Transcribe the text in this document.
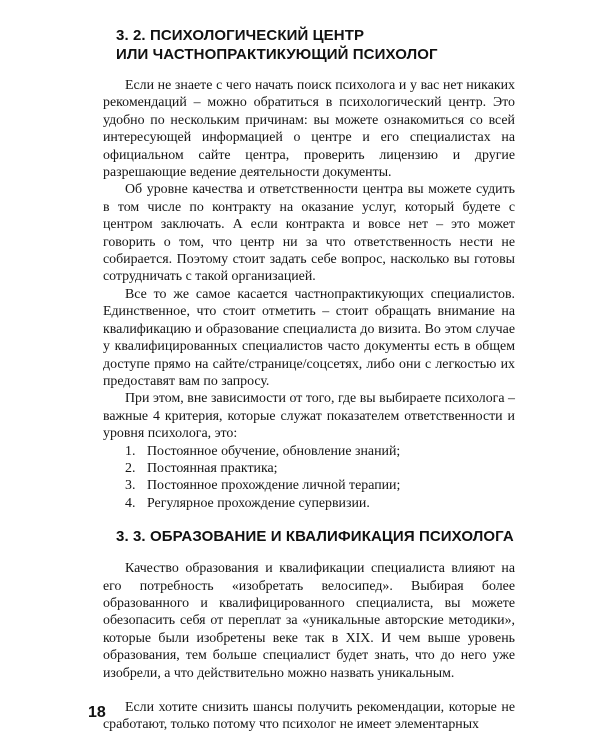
3. 2. ПСИХОЛОГИЧЕСКИЙ ЦЕНТР
ИЛИ ЧАСТНОПРАКТИКУЮЩИЙ ПСИХОЛОГ

Если не знаете с чего начать поиск психолога и у вас нет никаких рекомендаций – можно обратиться в психологический центр. Это удобно по нескольким причинам: вы можете ознакомиться со всей интересующей информацией о центре и его специалистах на официальном сайте центра, проверить лицензию и другие разрешающие ведение деятельности документы.

Об уровне качества и ответственности центра вы можете судить в том числе по контракту на оказание услуг, который будете с центром заключать. А если контракта и вовсе нет – это может говорить о том, что центр ни за что ответственность нести не собирается. Поэтому стоит задать себе вопрос, насколько вы готовы сотрудничать с такой организацией.

Все то же самое касается частнопрактикующих специалистов. Единственное, что стоит отметить – стоит обращать внимание на квалификацию и образование специалиста до визита. Во этом случае у квалифицированных специалистов часто документы есть в общем доступе прямо на сайте/странице/соцсетях, либо они с легкостью их предоставят вам по запросу.

При этом, вне зависимости от того, где вы выбираете психолога – важные 4 критерия, которые служат показателем ответственности и уровня психолога, это:

1. Постоянное обучение, обновление знаний;
2. Постоянная практика;
3. Постоянное прохождение личной терапии;
4. Регулярное прохождение супервизии.
3. 3. ОБРАЗОВАНИЕ И КВАЛИФИКАЦИЯ ПСИХОЛОГА

Качество образования и квалификации специалиста влияют на его потребность «изобретать велосипед». Выбирая более образованного и квалифицированного специалиста, вы можете обезопасить себя от переплат за «уникальные авторские методики», которые были изобретены веке так в XIX. И чем выше уровень образования, тем больше специалист будет знать, что до него уже изобрели, а что действительно можно назвать уникальным.

Если хотите снизить шансы получить рекомендации, которые не сработают, только потому что психолог не имеет элементарных

18
